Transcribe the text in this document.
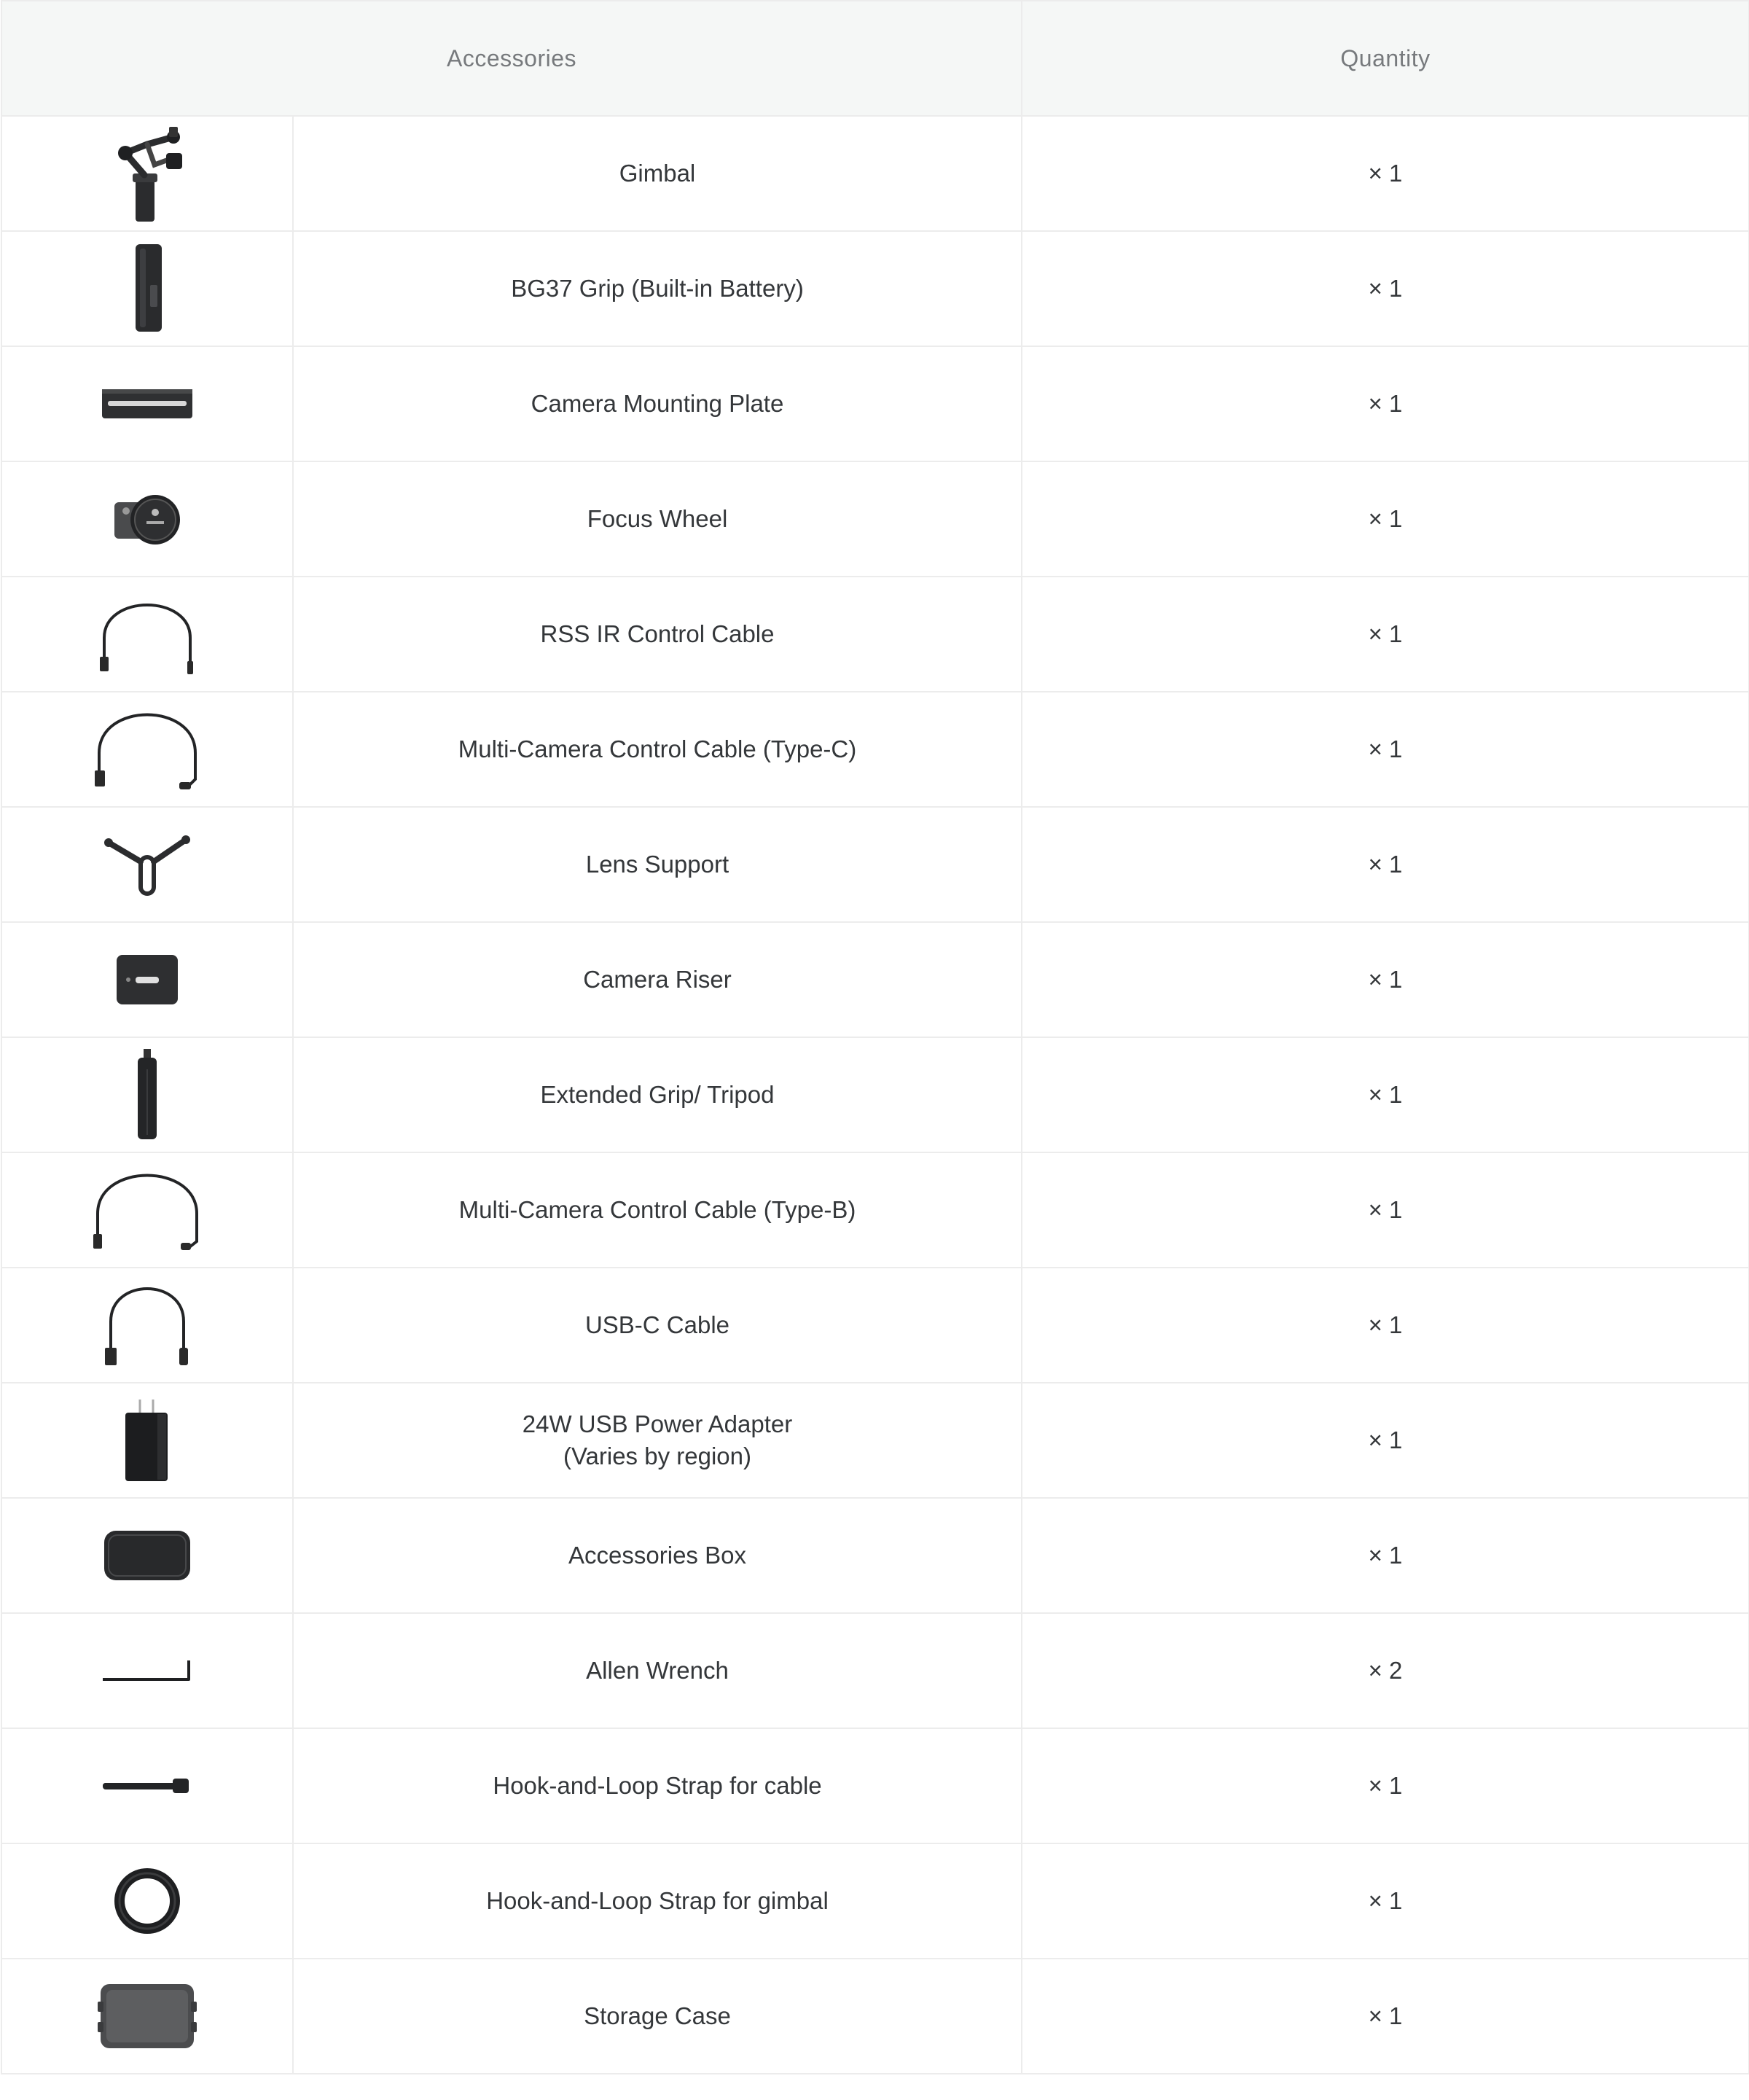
Accessories		Quantity

	Gimbal	× 1

	BG37 Grip (Built-in Battery)	× 1

	Camera Mounting Plate	× 1

	Focus Wheel	× 1

	RSS IR Control Cable	× 1

	Multi-Camera Control Cable (Type-C)	× 1

	Lens Support	× 1

	Camera Riser	× 1

	Extended Grip/ Tripod	× 1

	Multi-Camera Control Cable (Type-B)	× 1

	USB-C Cable	× 1

	24W USB Power Adapter
(Varies by region)	× 1

	Accessories Box	× 1

	Allen Wrench	× 2

	Hook-and-Loop Strap for cable	× 1

	Hook-and-Loop Strap for gimbal	× 1

	Storage Case	× 1
